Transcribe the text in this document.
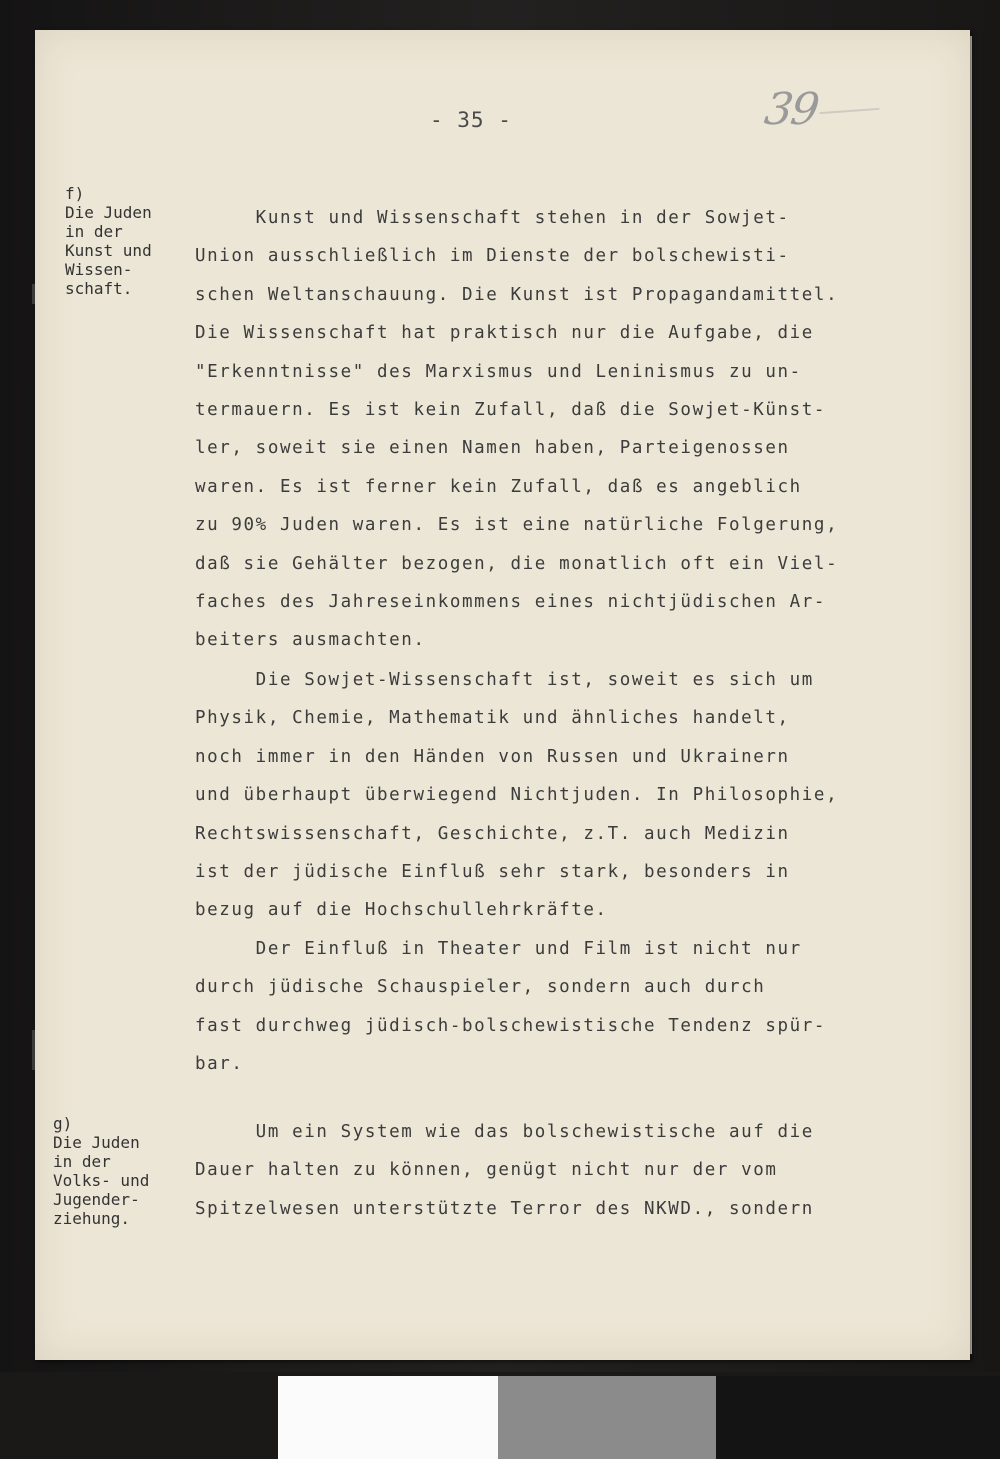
- 35 -	39
f)
Die Juden
in der
Kunst und
Wissen-
schaft.
g)
Die Juden
in der
Volks- und
Jugender-
ziehung.
Kunst und Wissenschaft stehen in der Sowjet-
Union ausschließlich im Dienste der bolschewisti-
schen Weltanschauung. Die Kunst ist Propagandamittel.
Die Wissenschaft hat praktisch nur die Aufgabe, die
"Erkenntnisse" des Marxismus und Leninismus zu un-
termauern. Es ist kein Zufall, daß die Sowjet-Künst-
ler, soweit sie einen Namen haben, Parteigenossen
waren. Es ist ferner kein Zufall, daß es angeblich
zu 90% Juden waren. Es ist eine natürliche Folgerung,
daß sie Gehälter bezogen, die monatlich oft ein Viel-
faches des Jahreseinkommens eines nichtjüdischen Ar-
beiters ausmachten.
Die Sowjet-Wissenschaft ist, soweit es sich um
Physik, Chemie, Mathematik und ähnliches handelt,
noch immer in den Händen von Russen und Ukrainern
und überhaupt überwiegend Nichtjuden. In Philosophie,
Rechtswissenschaft, Geschichte, z.T. auch Medizin
ist der jüdische Einfluß sehr stark, besonders in
bezug auf die Hochschullehrkräfte.
Der Einfluß in Theater und Film ist nicht nur
durch jüdische Schauspieler, sondern auch durch
fast durchweg jüdisch-bolschewistische Tendenz spür-
bar.
Um ein System wie das bolschewistische auf die
Dauer halten zu können, genügt nicht nur der vom
Spitzelwesen unterstützte Terror des NKWD., sondern
